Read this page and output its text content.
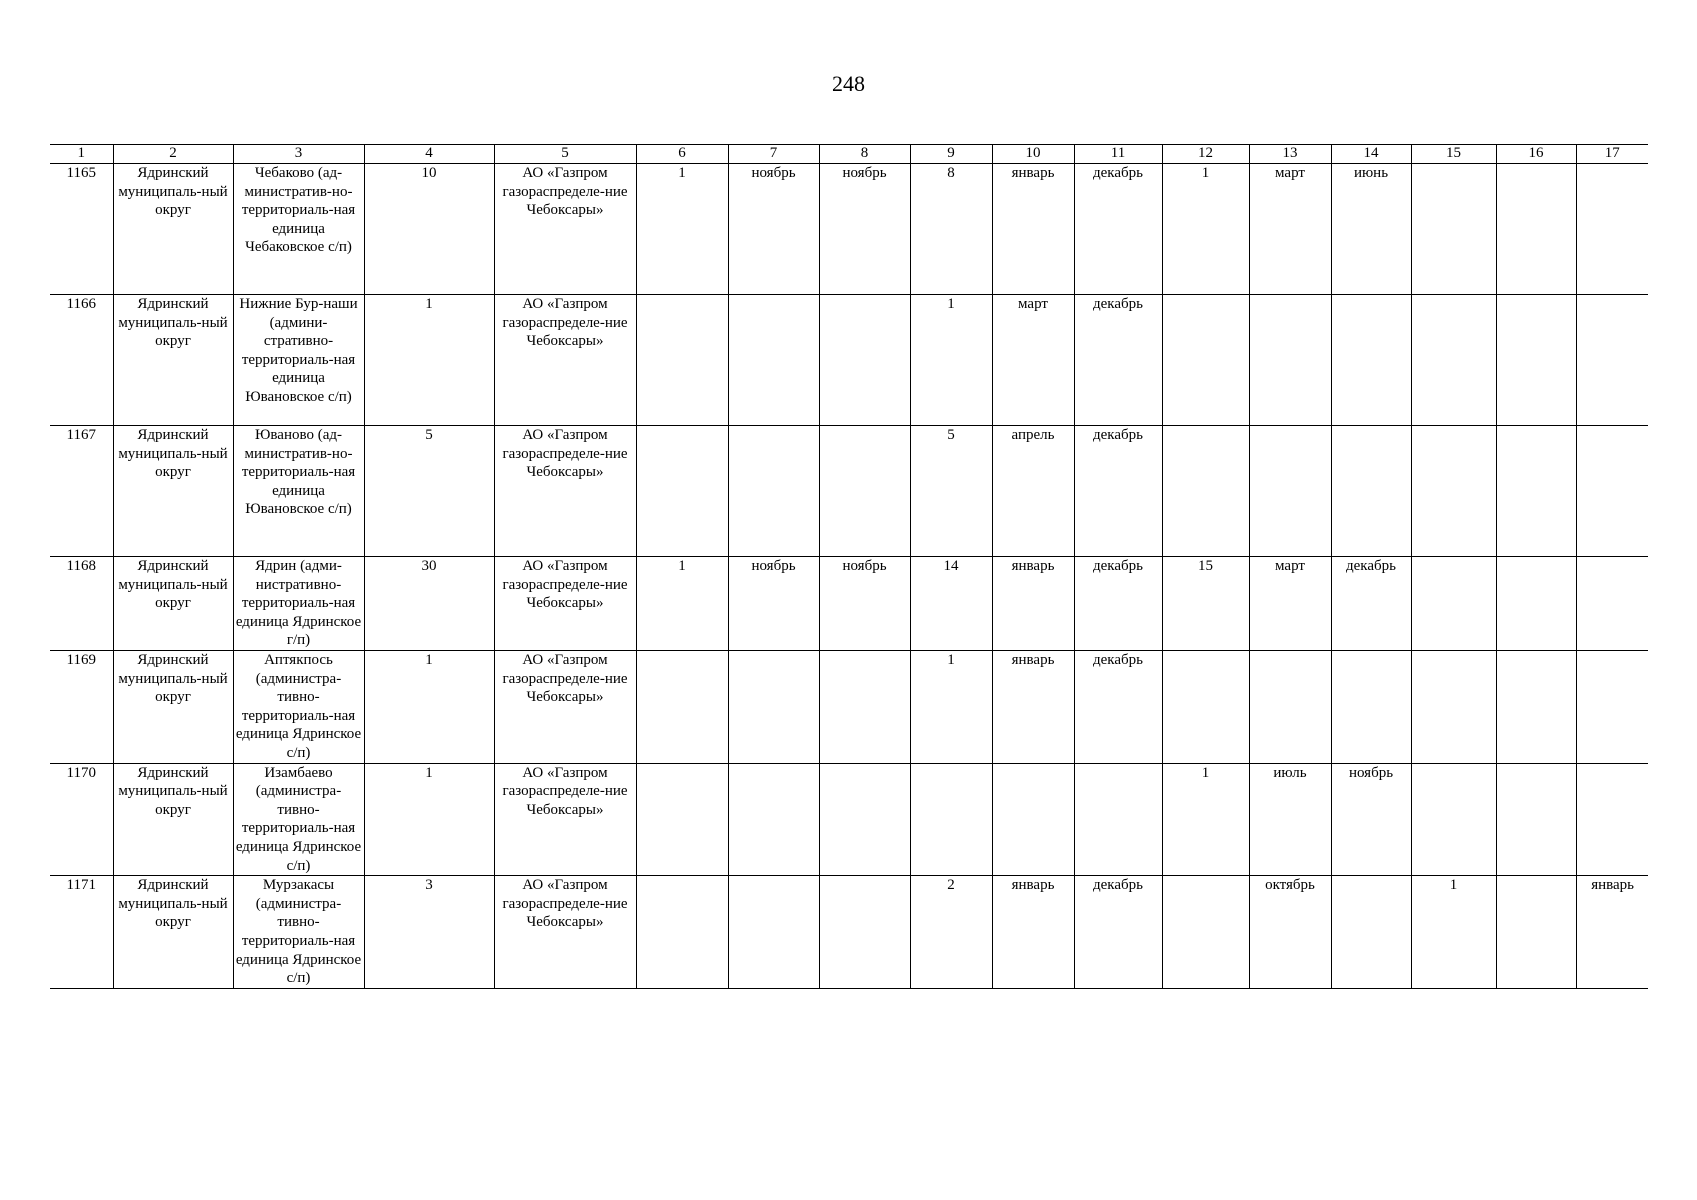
248
1	2	3	4	5	6	7	8	9	10	11	12	13	14	15	16	17
1165	Ядринский муниципаль-ный округ	Чебаково (ад-министратив-но-территориаль-ная единица Чебаковское с/п)	10	АО «Газпром газораспределе-ние Чебоксары»	1	ноябрь	ноябрь	8	январь	декабрь	1	март	июнь			
1166	Ядринский муниципаль-ный округ	Нижние Бур-наши (админи-стративно-территориаль-ная единица Ювановское с/п)	1	АО «Газпром газораспределе-ние Чебоксары»				1	март	декабрь						
1167	Ядринский муниципаль-ный округ	Юваново (ад-министратив-но-территориаль-ная единица Ювановское с/п)	5	АО «Газпром газораспределе-ние Чебоксары»				5	апрель	декабрь						
1168	Ядринский муниципаль-ный округ	Ядрин (адми-нистративно-территориаль-ная единица Ядринское г/п)	30	АО «Газпром газораспределе-ние Чебоксары»	1	ноябрь	ноябрь	14	январь	декабрь	15	март	декабрь			
1169	Ядринский муниципаль-ный округ	Аптякпось (администра-тивно-территориаль-ная единица Ядринское с/п)	1	АО «Газпром газораспределе-ние Чебоксары»				1	январь	декабрь						
1170	Ядринский муниципаль-ный округ	Изамбаево (администра-тивно-территориаль-ная единица Ядринское с/п)	1	АО «Газпром газораспределе-ние Чебоксары»							1	июль	ноябрь			
1171	Ядринский муниципаль-ный округ	Мурзакасы (администра-тивно-территориаль-ная единица Ядринское с/п)	3	АО «Газпром газораспределе-ние Чебоксары»				2	январь	декабрь		октябрь		1		январь
